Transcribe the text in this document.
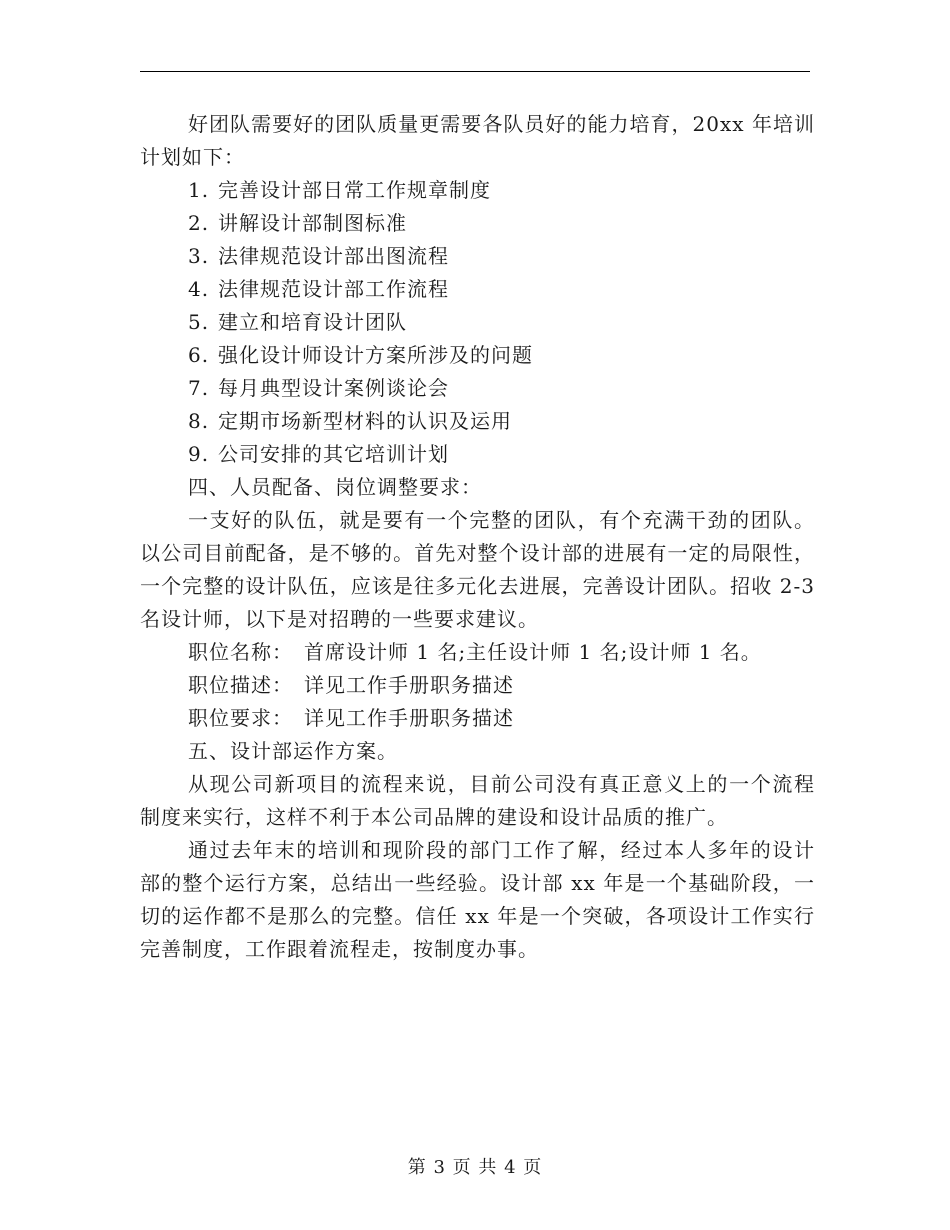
好团队需要好的团队质量更需要各队员好的能力培育，20xx 年培训计划如下：

1. 完善设计部日常工作规章制度
2. 讲解设计部制图标准
3. 法律规范设计部出图流程
4. 法律规范设计部工作流程
5. 建立和培育设计团队
6. 强化设计师设计方案所涉及的问题
7. 每月典型设计案例谈论会
8. 定期市场新型材料的认识及运用
9. 公司安排的其它培训计划

四、人员配备、岗位调整要求：

一支好的队伍，就是要有一个完整的团队，有个充满干劲的团队。以公司目前配备，是不够的。首先对整个设计部的进展有一定的局限性，一个完整的设计队伍，应该是往多元化去进展，完善设计团队。招收 2-3 名设计师，以下是对招聘的一些要求建议。

职位名称：　首席设计师 1 名;主任设计师 1 名;设计师 1 名。

职位描述：　详见工作手册职务描述

职位要求：　详见工作手册职务描述

五、设计部运作方案。

从现公司新项目的流程来说，目前公司没有真正意义上的一个流程制度来实行，这样不利于本公司品牌的建设和设计品质的推广。

通过去年末的培训和现阶段的部门工作了解，经过本人多年的设计部的整个运行方案，总结出一些经验。设计部 xx 年是一个基础阶段，一切的运作都不是那么的完整。信任 xx 年是一个突破，各项设计工作实行完善制度，工作跟着流程走，按制度办事。

第 3 页 共 4 页
